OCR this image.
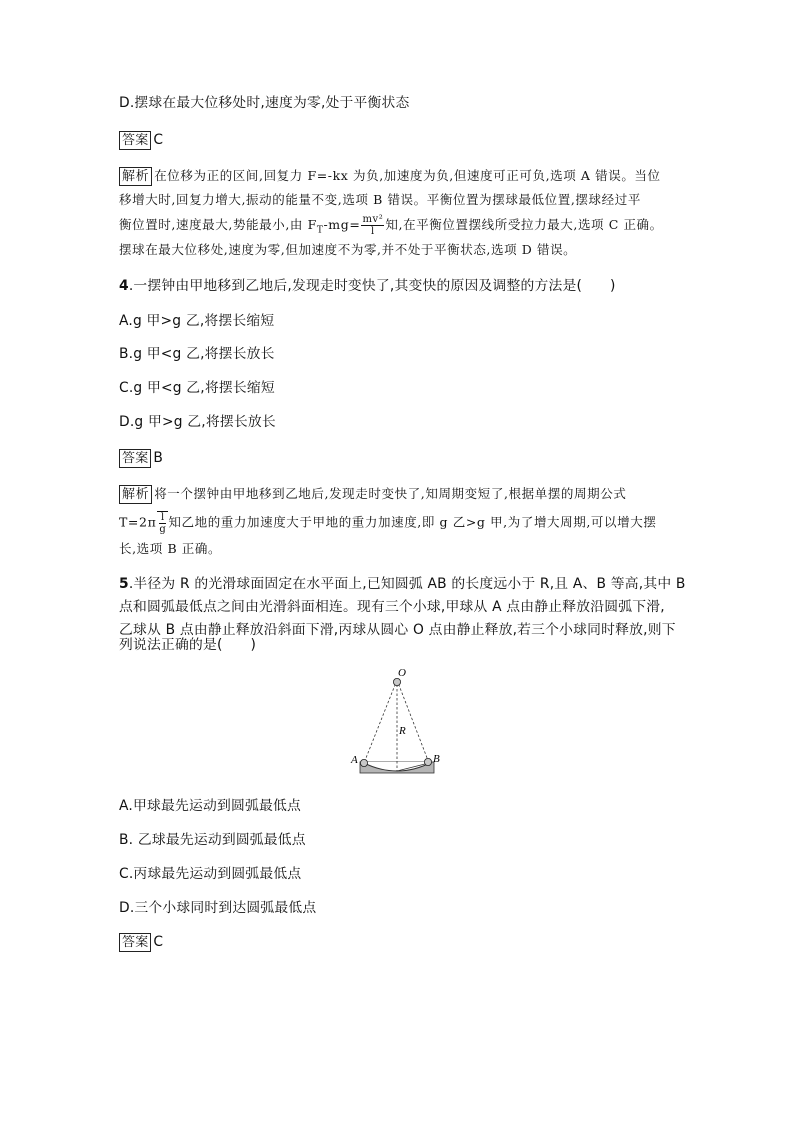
D.摆球在最大位移处时,速度为零,处于平衡状态
答案 C
解析 在位移为正的区间,回复力 F=-kx 为负,加速度为负,但速度可正可负,选项 A 错误。当位
移增大时,回复力增大,振动的能量不变,选项 B 错误。平衡位置为摆球最低位置,摆球经过平
衡位置时,速度最大,势能最小,由 $F_T-mg= \frac{\text{mv²}}{l}$ 知,在平衡位置摆线所受拉力最大,选项 C 正确。
摆球在最大位移处,速度为零,但加速度不为零,并不处于平衡状态,选项 D 错误。
4.一摆钟由甲地移到乙地后,发现走时变快了,其变快的原因及调整的方法是(　　)
A.g 甲>g 乙,将摆长缩短
B.g 甲<g 乙,将摆长放长
C.g 甲<g 乙,将摆长缩短
D.g 甲>g 乙,将摆长放长
答案 B
解析 将一个摆钟由甲地移到乙地后,发现走时变快了,知周期变短了,根据单摆的周期公式
$T=2\pi \frac{l}{g}$ 知乙地的重力加速度大于甲地的重力加速度,即 g 乙>g 甲,为了增大周期,可以增大摆
长,选项 B 正确。
5.半径为 R 的光滑球面固定在水平面上,已知圆弧 AB 的长度远小于 R,且 A、B 等高,其中 B
点和圆弧最低点之间由光滑斜面相连。现有三个小球,甲球从 A 点由静止释放沿圆弧下滑,
乙球从 B 点由静止释放沿斜面下滑,丙球从圆心 O 点由静止释放,若三个小球同时释放,则下
列说法正确的是(　　)
O
R
A	B
A.甲球最先运动到圆弧最低点
B. 乙球最先运动到圆弧最低点
C.丙球最先运动到圆弧最低点
D.三个小球同时到达圆弧最低点
答案 C
